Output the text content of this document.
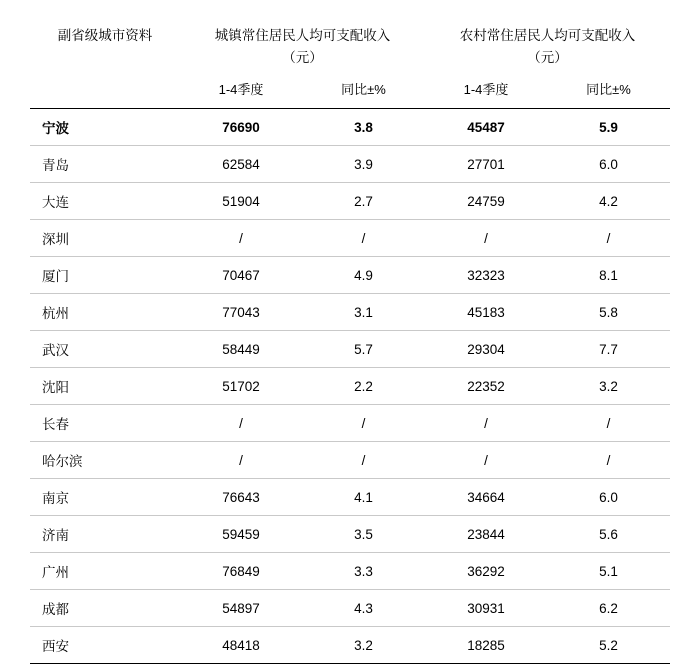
副省级城市资料	城镇常住居民人均可支配收入		农村常住居民人均可支配收入	
	（元）		（元）	
	1-4季度	同比±%	1-4季度	同比±%

宁波	76690	3.8	45487	5.9
青岛	62584	3.9	27701	6.0
大连	51904	2.7	24759	4.2
深圳	/	/	/	/
厦门	70467	4.9	32323	8.1
杭州	77043	3.1	45183	5.8
武汉	58449	5.7	29304	7.7
沈阳	51702	2.2	22352	3.2
长春	/	/	/	/
哈尔滨	/	/	/	/
南京	76643	4.1	34664	6.0
济南	59459	3.5	23844	5.6
广州	76849	3.3	36292	5.1
成都	54897	4.3	30931	6.2
西安	48418	3.2	18285	5.2
